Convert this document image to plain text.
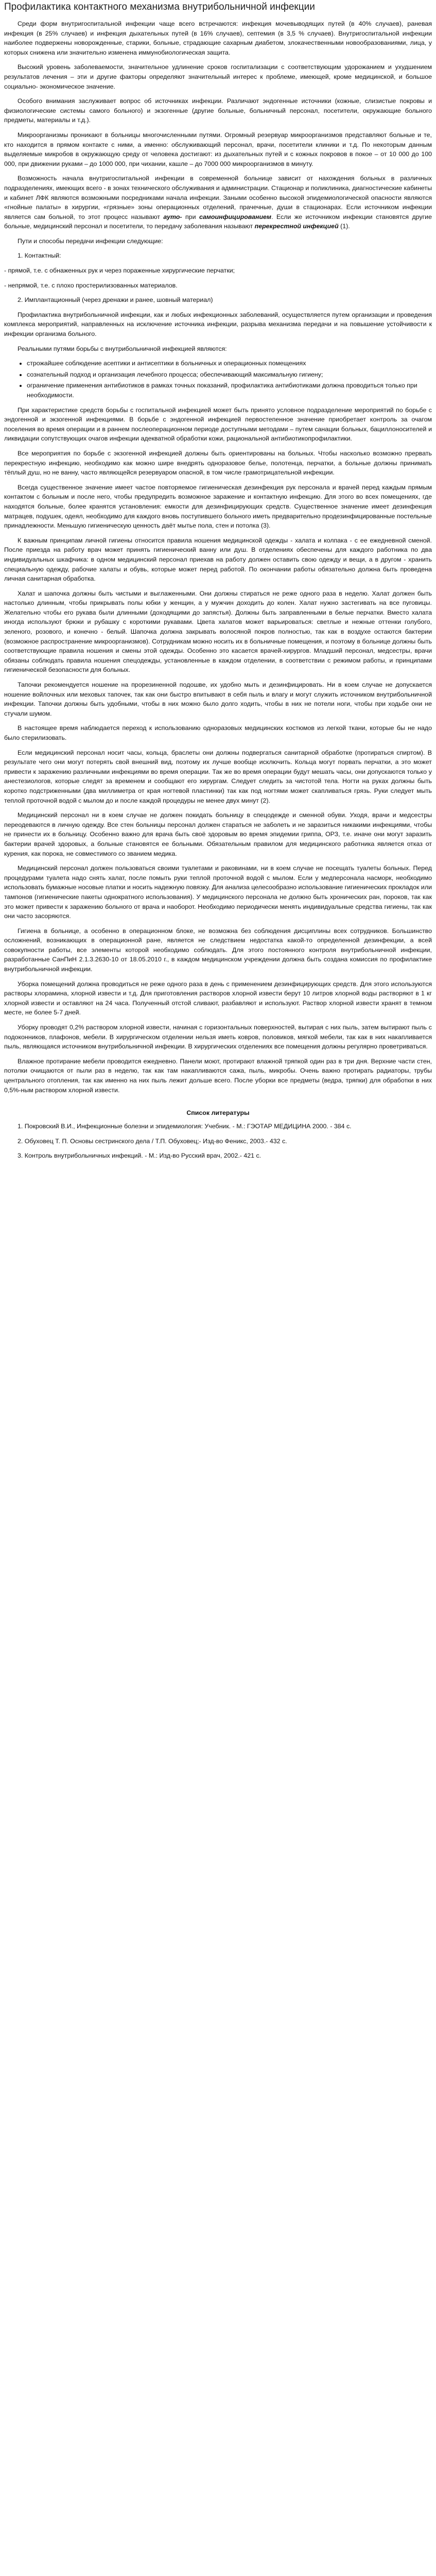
Профилактика контактного механизма внутрибольничной инфекции

Среди форм внутригоспитальной инфекции чаще всего встречаются: инфекция мочевыводящих путей (в 40% случаев), раневая инфекция (в 25% случаев) и инфекция дыхательных путей (в 16% случаев), септемия (в 3,5 % случаев). Внутригоспитальной инфекции наиболее подвержены новорожденные, старики, больные, страдающие сахарным диабетом, злокачественными новообразованиями, лица, у которых снижена или значительно изменена иммунобиологическая защита.

Высокий уровень заболеваемости, значительное удлинение сроков госпитализации с соответствующим удорожанием и ухудшением результатов лечения – эти и другие факторы определяют значительный интерес к проблеме, имеющей, кроме медицинской, и большое социально- экономическое значение.

Особого внимания заслуживает вопрос об источниках инфекции. Различают эндогенные источники (кожные, слизистые покровы и физиологические системы самого больного) и экзогенные (другие больные, больничный персонал, посетители, окружающие больного предметы, материалы и т.д.).

Микроорганизмы проникают в больницы многочисленными путями. Огромный резервуар микроорганизмов представляют больные и те, кто находится в прямом контакте с ними, а именно: обслуживающий персонал, врачи, посетители клиники и т.д. По некоторым данным выделяемые микробов в окружающую среду от человека достигают: из дыхательных путей и с кожных покровов в покое – от 10 000 до 100 000, при движении руками – до 1000 000, при чихании, кашле – до 7000 000 микроорганизмов в минуту.

Возможность начала внутригоспитальной инфекции в современной больнице зависит от нахождения больных в различных подразделениях, имеющих всего - в зонах технического обслуживания и администрации. Стационар и поликлиника, диагностические кабинеты и кабинет ЛФК являются возможными посредниками начала инфекции. Заными особенно высокой эпидемиологической опасности являются «гнойные палаты» в хирургии, «грязные» зоны операционных отделений, прачечные, души в стационарах. Если источником инфекции является сам больной, то этот процесс называют ауто- при самоинфицированием. Если же источником инфекции становятся другие больные, медицинский персонал и посетители, то передачу заболевания называют перекрестной инфекцией (1).

Пути и способы передачи инфекции следующие:

1. Контактный:

- прямой, т.е. с обнаженных рук и через пораженные хирургические перчатки;

- непрямой, т.е. с плохо простерилизованных материалов.

2. Имплантационный (через дренажи и ранее, шовный материал)

Профилактика внутрибольничной инфекции, как и любых инфекционных заболеваний, осуществляется путем организации и проведения комплекса мероприятий, направленных на исключение источника инфекции, разрыва механизма передачи и на повышение устойчивости к инфекции организма больного.

Реальными путями борьбы с внутрибольничной инфекцией являются:

• строжайшее соблюдение асептики и антисептики в больничных и операционных помещениях
• сознательный подход и организация лечебного процесса; обеспечивающий максимальную гигиену;
• ограничение применения антибиотиков в рамках точных показаний, профилактика антибиотиками должна проводиться только при необходимости.

При характеристике средств борьбы с госпитальной инфекцией может быть принято условное подразделение мероприятий по борьбе с эндогенной и экзогенной инфекциями. В борьбе с эндогенной инфекцией первостепенное значение приобретает контроль за очагом поселения во время операции и в раннем послеоперационном периоде доступными методами – путем санации больных, бациллоносителей и ликвидации сопутствующих очагов инфекции адекватной обработки кожи, рациональной антибиотикопрофилактики.

Все мероприятия по борьбе с экзогенной инфекцией должны быть ориентированы на больных. Чтобы насколько возможно прервать перекрестную инфекцию, необходимо как можно шире внедрять одноразовое белье, полотенца, перчатки, а больные должны принимать тёплый душ, но не ванну, часто являющейся резервуаром опасной, в том числе грамотрицательной инфекции.

Всегда существенное значение имеет частое повторяемое гигиеническая дезинфекция рук персонала и врачей перед каждым прямым контактом с больным и после него, чтобы предупредить возможное заражение и контактную инфекцию. Для этого во всех помещениях, где находятся больные, более кранятся установления: емкости для дезинфицирующих средств. Существенное значение имеет дезинфекция матрацев, подушек, одеял, необходимо для каждого вновь поступившего больного иметь предварительно продезинфицированные постельные принадлежности. Меньшую гигиеническую ценность даёт мытье пола, стен и потолка (3).

К важным принципам личной гигиены относится правила ношения медицинской одежды - халата и колпака - с ее ежедневной сменой. После приезда на работу врач может принять гигиенический ванну или душ. В отделениях обеспечены для каждого работника по два индивидуальных шкафчика: в одном медицинский персонал приехав на работу должен оставить свою одежду и вещи, а в другом - хранить специальную одежду, рабочие халаты и обувь, которые может перед работой. По окончании работы обязательно должна быть проведена личная санитарная обработка.

Халат и шапочка должны быть чистыми и выглаженными. Они должны стираться не реже одного раза в неделю. Халат должен быть настолько длинным, чтобы прикрывать полы юбки у женщин, а у мужчин доходить до колен. Халат нужно застегивать на все пуговицы. Желательно чтобы его рукава были длинными (доходящими до запястья). Должны быть заправленными в белые перчатки. Вместо халата иногда используют брюки и рубашку с короткими рукавами. Цвета халатов может варьироваться: светлые и нежные оттенки голубого, зеленого, розового, и конечно - белый. Шапочка должна закрывать волосяной покров полностью, так как в воздухе остаются бактерии (возможное распространение микроорганизмов). Сотрудникам можно носить их в больничные помещения, и поэтому в больнице должны быть соответствующие правила ношения и смены этой одежды. Особенно это касается врачей-хирургов. Младший персонал, медсестры, врачи обязаны соблюдать правила ношения спецодежды, установленные в каждом отделении, в соответствии с режимом работы, и принципами гигиенической безопасности для больных.

Тапочки рекомендуется ношение на прорезиненной подошве, их удобно мыть и дезинфицировать. Ни в коем случае не допускается ношение войлочных или меховых тапочек, так как они быстро впитывают в себя пыль и влагу и могут служить источником внутрибольничной инфекции. Тапочки должны быть удобными, чтобы в них можно было долго ходить, чтобы в них не потели ноги, чтобы при ходьбе они не стучали шумом.

В настоящее время наблюдается переход к использованию одноразовых медицинских костюмов из легкой ткани, которые бы не надо было стерилизовать.

Если медицинский персонал носит часы, кольца, браслеты они должны подвергаться санитарной обработке (протираться спиртом). В результате чего они могут потерять свой внешний вид, поэтому их лучше вообще исключить. Кольца могут порвать перчатки, а это может привести к заражению различными инфекциями во время операции. Так же во время операции будут мешать часы, они допускаются только у анестезиологов, которые следят за временем и сообщают его хирургам. Следует следить за чистотой тела. Ногти на руках должны быть коротко подстриженными (два миллиметра от края ногтевой пластинки) так как под ногтями может скапливаться грязь. Руки следует мыть теплой проточной водой с мылом до и после каждой процедуры не менее двух минут (2).

Медицинский персонал ни в коем случае не должен покидать больницу в спецодежде и сменной обуви. Уходя, врачи и медсестры переодеваются в личную одежду. Все стен больницы персонал должен стараться не заболеть и не заразиться никакими инфекциями, чтобы не принести их в больницу. Особенно важно для врача быть своё здоровым во время эпидемии гриппа, ОРЗ, т.е. иначе они могут заразить бактерии врачей здоровых, а больные становятся ее больными. Обязательным правилом для медицинского работника является отказ от курения, как порока, не совместимого со званием медика.

Медицинский персонал должен пользоваться своими туалетами и раковинами, ни в коем случае не посещать туалеты больных. Перед процедурами туалета надо снять халат, после помыть руки теплой проточной водой с мылом. Если у медперсонала насморк, необходимо использовать бумажные носовые платки и носить надежную повязку. Для анализа целесообразно использование гигиенических прокладок или тампонов (гигиенические пакеты однократного использования). У медицинского персонала не должно быть хронических ран, пороков, так как это может привести к заражению больного от врача и наоборот. Необходимо периодически менять индивидуальные средства гигиены, так как они часто засоряются.

Гигиена в больнице, а особенно в операционном блоке, не возможна без соблюдения дисциплины всех сотрудников. Большинство осложнений, возникающих в операционной ране, является не следствием недостатка какой-то определенной дезинфекции, а всей совокупности работы, все элементы которой необходимо соблюдать. Для этого постоянного контроля внутрибольничной инфекции, разработанные СанПиН 2.1.3.2630-10 от 18.05.2010 г., в каждом медицинском учреждении должна быть создана комиссия по профилактике внутрибольничной инфекции.

Уборка помещений должна проводиться не реже одного раза в день с применением дезинфицирующих средств. Для этого используются растворы хлорамина, хлорной извести и т.д. Для приготовления растворов хлорной извести берут 10 литров хлорной воды растворяют в 1 кг хлорной извести и оставляют на 24 часа. Полученный отстой сливают, разбавляют и используют. Раствор хлорной извести хранят в темном месте, не более 5-7 дней.

Уборку проводят 0,2% раствором хлорной извести, начиная с горизонтальных поверхностей, вытирая с них пыль, затем вытирают пыль с подоконников, плафонов, мебели. В хирургическом отделении нельзя иметь ковров, половиков, мягкой мебели, так как в них накапливается пыль, являющаяся источником внутрибольничной инфекции. В хирургических отделениях все помещения должны регулярно проветриваться.

Влажное протирание мебели проводится ежедневно. Панели моют, протирают влажной тряпкой один раз в три дня. Верхние части стен, потолки очищаются от пыли раз в неделю, так как там накапливаются сажа, пыль, микробы. Очень важно протирать радиаторы, трубы центрального отопления, так как именно на них пыль лежит дольше всего. После уборки все предметы (ведра, тряпки) для обработки в них 0,5%-ным раствором хлорной извести.

Список литературы
1. Покровский В.И., Инфекционные болезни и эпидемиология: Учебник. - М.: ГЭОТАР МЕДИЦИНА 2000. - 384 с.
2. Обуховец Т. П. Основы сестринского дела / Т.П. Обуховец;- Изд-во Феникс, 2003.- 432 с.
3. Контроль внутрибольничных инфекций. - М.: Изд-во Русский врач, 2002.- 421 с.
